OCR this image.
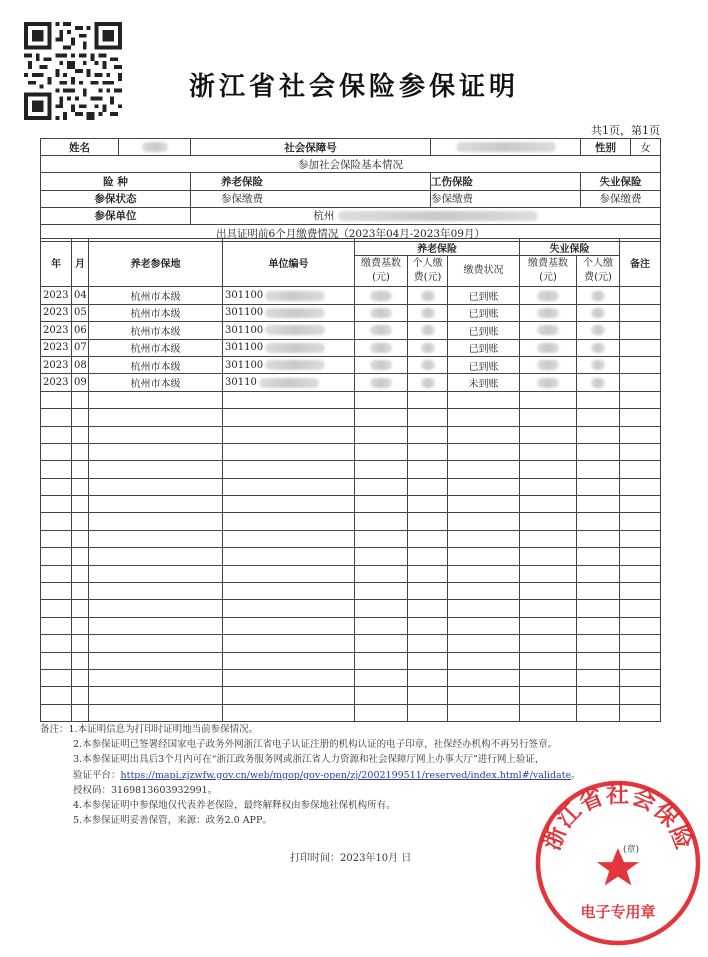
浙江省社会保险参保证明
共1页，第1页
姓名		社会保障号		性别	女
参加社会保险基本情况					
险 种		养老保险	工伤保险	失业保险	
参保状态		参保缴费	参保缴费	参保缴费	
参保单位		杭州			
出具证明前6个月缴费情况（2023年04月-2023年09月）					
年	月	养老参保地	单位编号	养老保险			失业保险		备注
				缴费基数(元)	个人缴费(元)	缴费状况	缴费基数(元)	个人缴费(元)	
2023	04	杭州市本级	301100			已到账			
2023	05	杭州市本级	301100			已到账			
2023	06	杭州市本级	301100			已到账			
2023	07	杭州市本级	301100			已到账			
2023	08	杭州市本级	301100			已到账			
2023	09	杭州市本级	30110			未到账			

备注：1.本证明信息为打印时证明地当前参保情况。
2.本参保证明已签署经国家电子政务外网浙江省电子认证注册的机构认证的电子印章，社保经办机构不再另行签章。
3.本参保证明出具后3个月内可在“浙江政务服务网或浙江省人力资源和社会保障厅网上办事大厅”进行网上验证，
验证平台：https://mapi.zjzwfw.gov.cn/web/mgop/gov-open/zj/2002199511/reserved/index.html#/validate。
授权码：3169813603932991。
4.本参保证明中参保地仅代表养老保险，最终解释权由参保地社保机构所有。
5.本参保证明妥善保管，来源：政务2.0 APP。
打印时间：2023年10月 日
浙江省社会保险
电子专用章
(章)
